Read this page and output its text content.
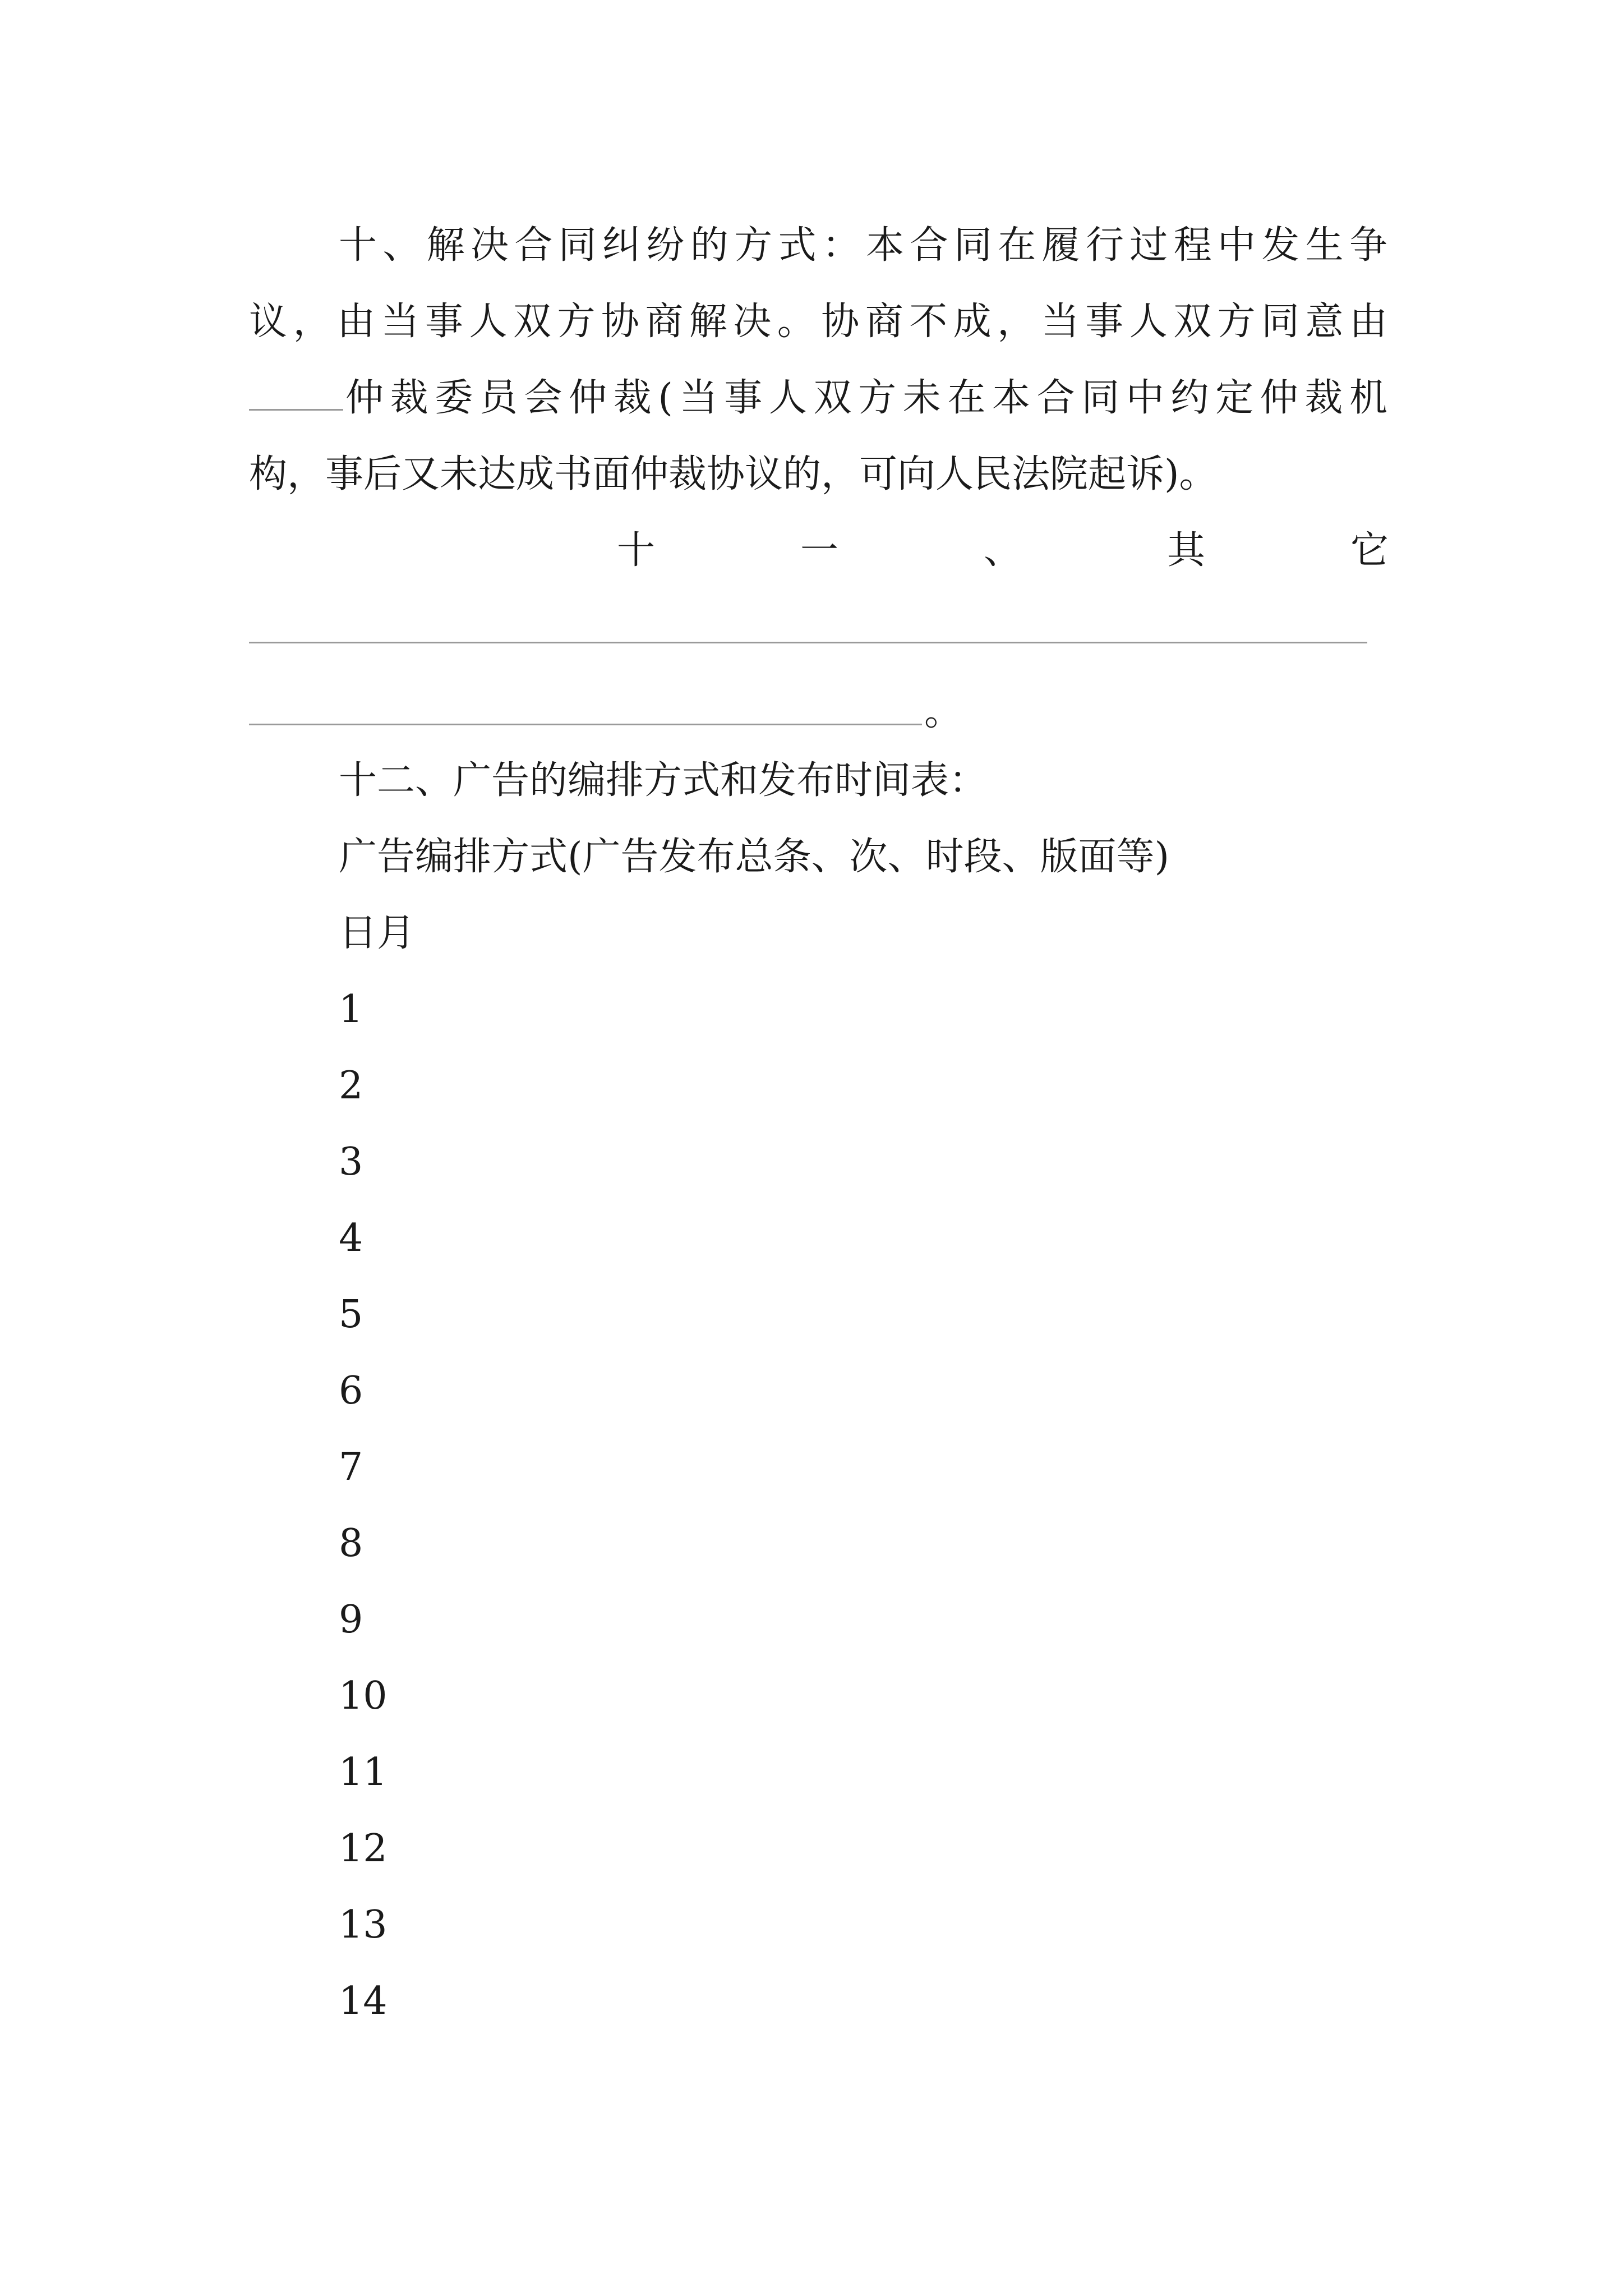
十、解决合同纠纷的方式：本合同在履行过程中发生争
议，由当事人双方协商解决。协商不成，当事人双方同意由
仲裁委员会仲裁(当事人双方未在本合同中约定仲裁机
构，事后又未达成书面仲裁协议的，可向人民法院起诉)。
十	一	、	其	它
。
十二、广告的编排方式和发布时间表：
广告编排方式(广告发布总条、次、时段、版面等)
日月
1
2
3
4
5
6
7
8
9
10
11
12
13
14
